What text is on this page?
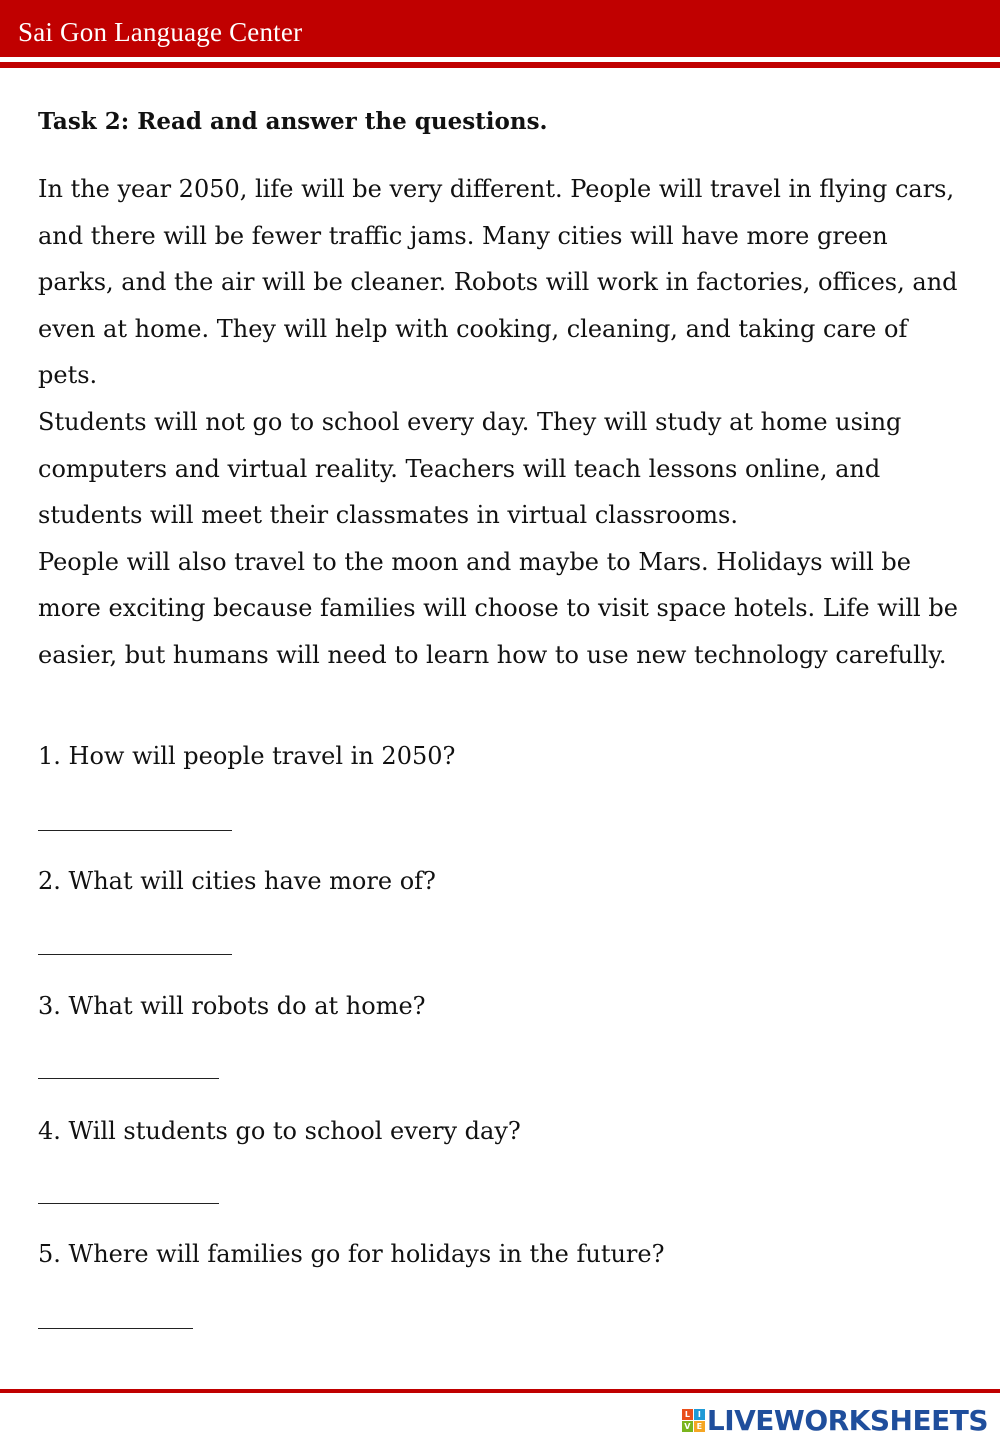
Sai Gon Language Center
Task 2: Read and answer the questions.

In the year 2050, life will be very different. People will travel in flying cars, and there will be fewer traffic jams. Many cities will have more green parks, and the air will be cleaner. Robots will work in factories, offices, and even at home. They will help with cooking, cleaning, and taking care of pets.

Students will not go to school every day. They will study at home using computers and virtual reality. Teachers will teach lessons online, and students will meet their classmates in virtual classrooms.

People will also travel to the moon and maybe to Mars. Holidays will be more exciting because families will choose to visit space hotels. Life will be easier, but humans will need to learn how to use new technology carefully.

1. How will people travel in 2050?

2. What will cities have more of?

3. What will robots do at home?

4. Will students go to school every day?

5. Where will families go for holidays in the future?

L I
V E LIVEWORKSHEETS
